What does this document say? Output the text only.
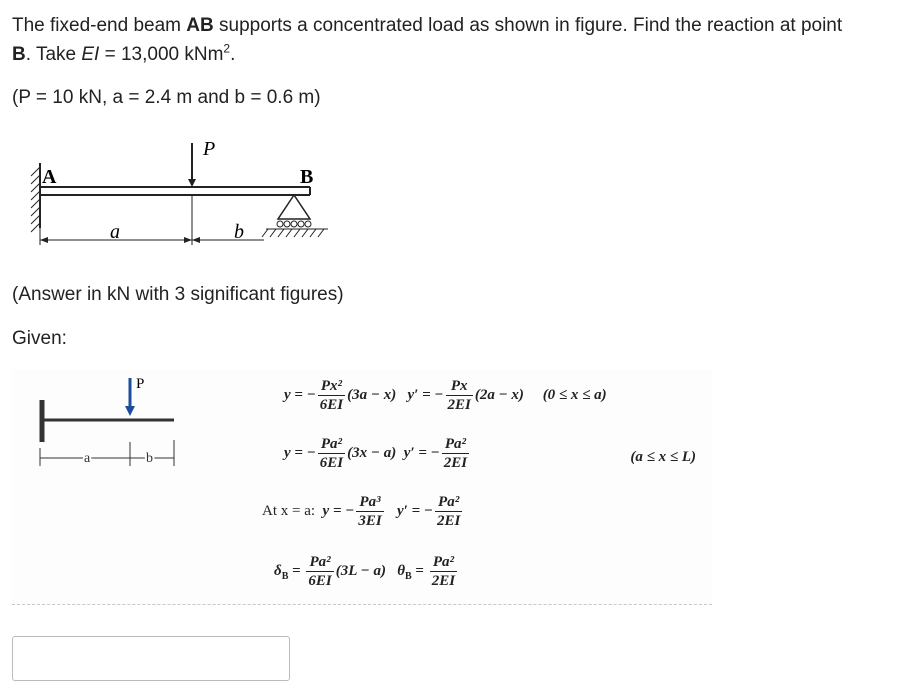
The fixed-end beam AB supports a concentrated load as shown in figure. Find the reaction at point
B. Take EI = 13,000 kNm$^2$.
(P = 10 kN, a = 2.4 m and b = 0.6 m)
P
A	B
a	b
(Answer in kN with 3 significant figures)
Given:
P
a	b
y = − $\frac{\text{Px²}}{6EI} (3a - x) y'$ = − $\frac{Px}{2EI} (2a - x) (0 \le x \le a)$
y = − $\frac{\text{Pa²}}{6EI} (3x - a) y'$ = − $\frac{\text{Pa²}}{2EI}$	(a ≤ x ≤ L)
At x = a: y = − $\frac{\text{Pa³}}{3EI} y'$ = − $\frac{\text{Pa²}}{2EI}$
$\delta_B = \frac{\text{Pa²}}{6EI} (3L - a) \theta_B = \frac{\text{Pa²}}{2EI}$
